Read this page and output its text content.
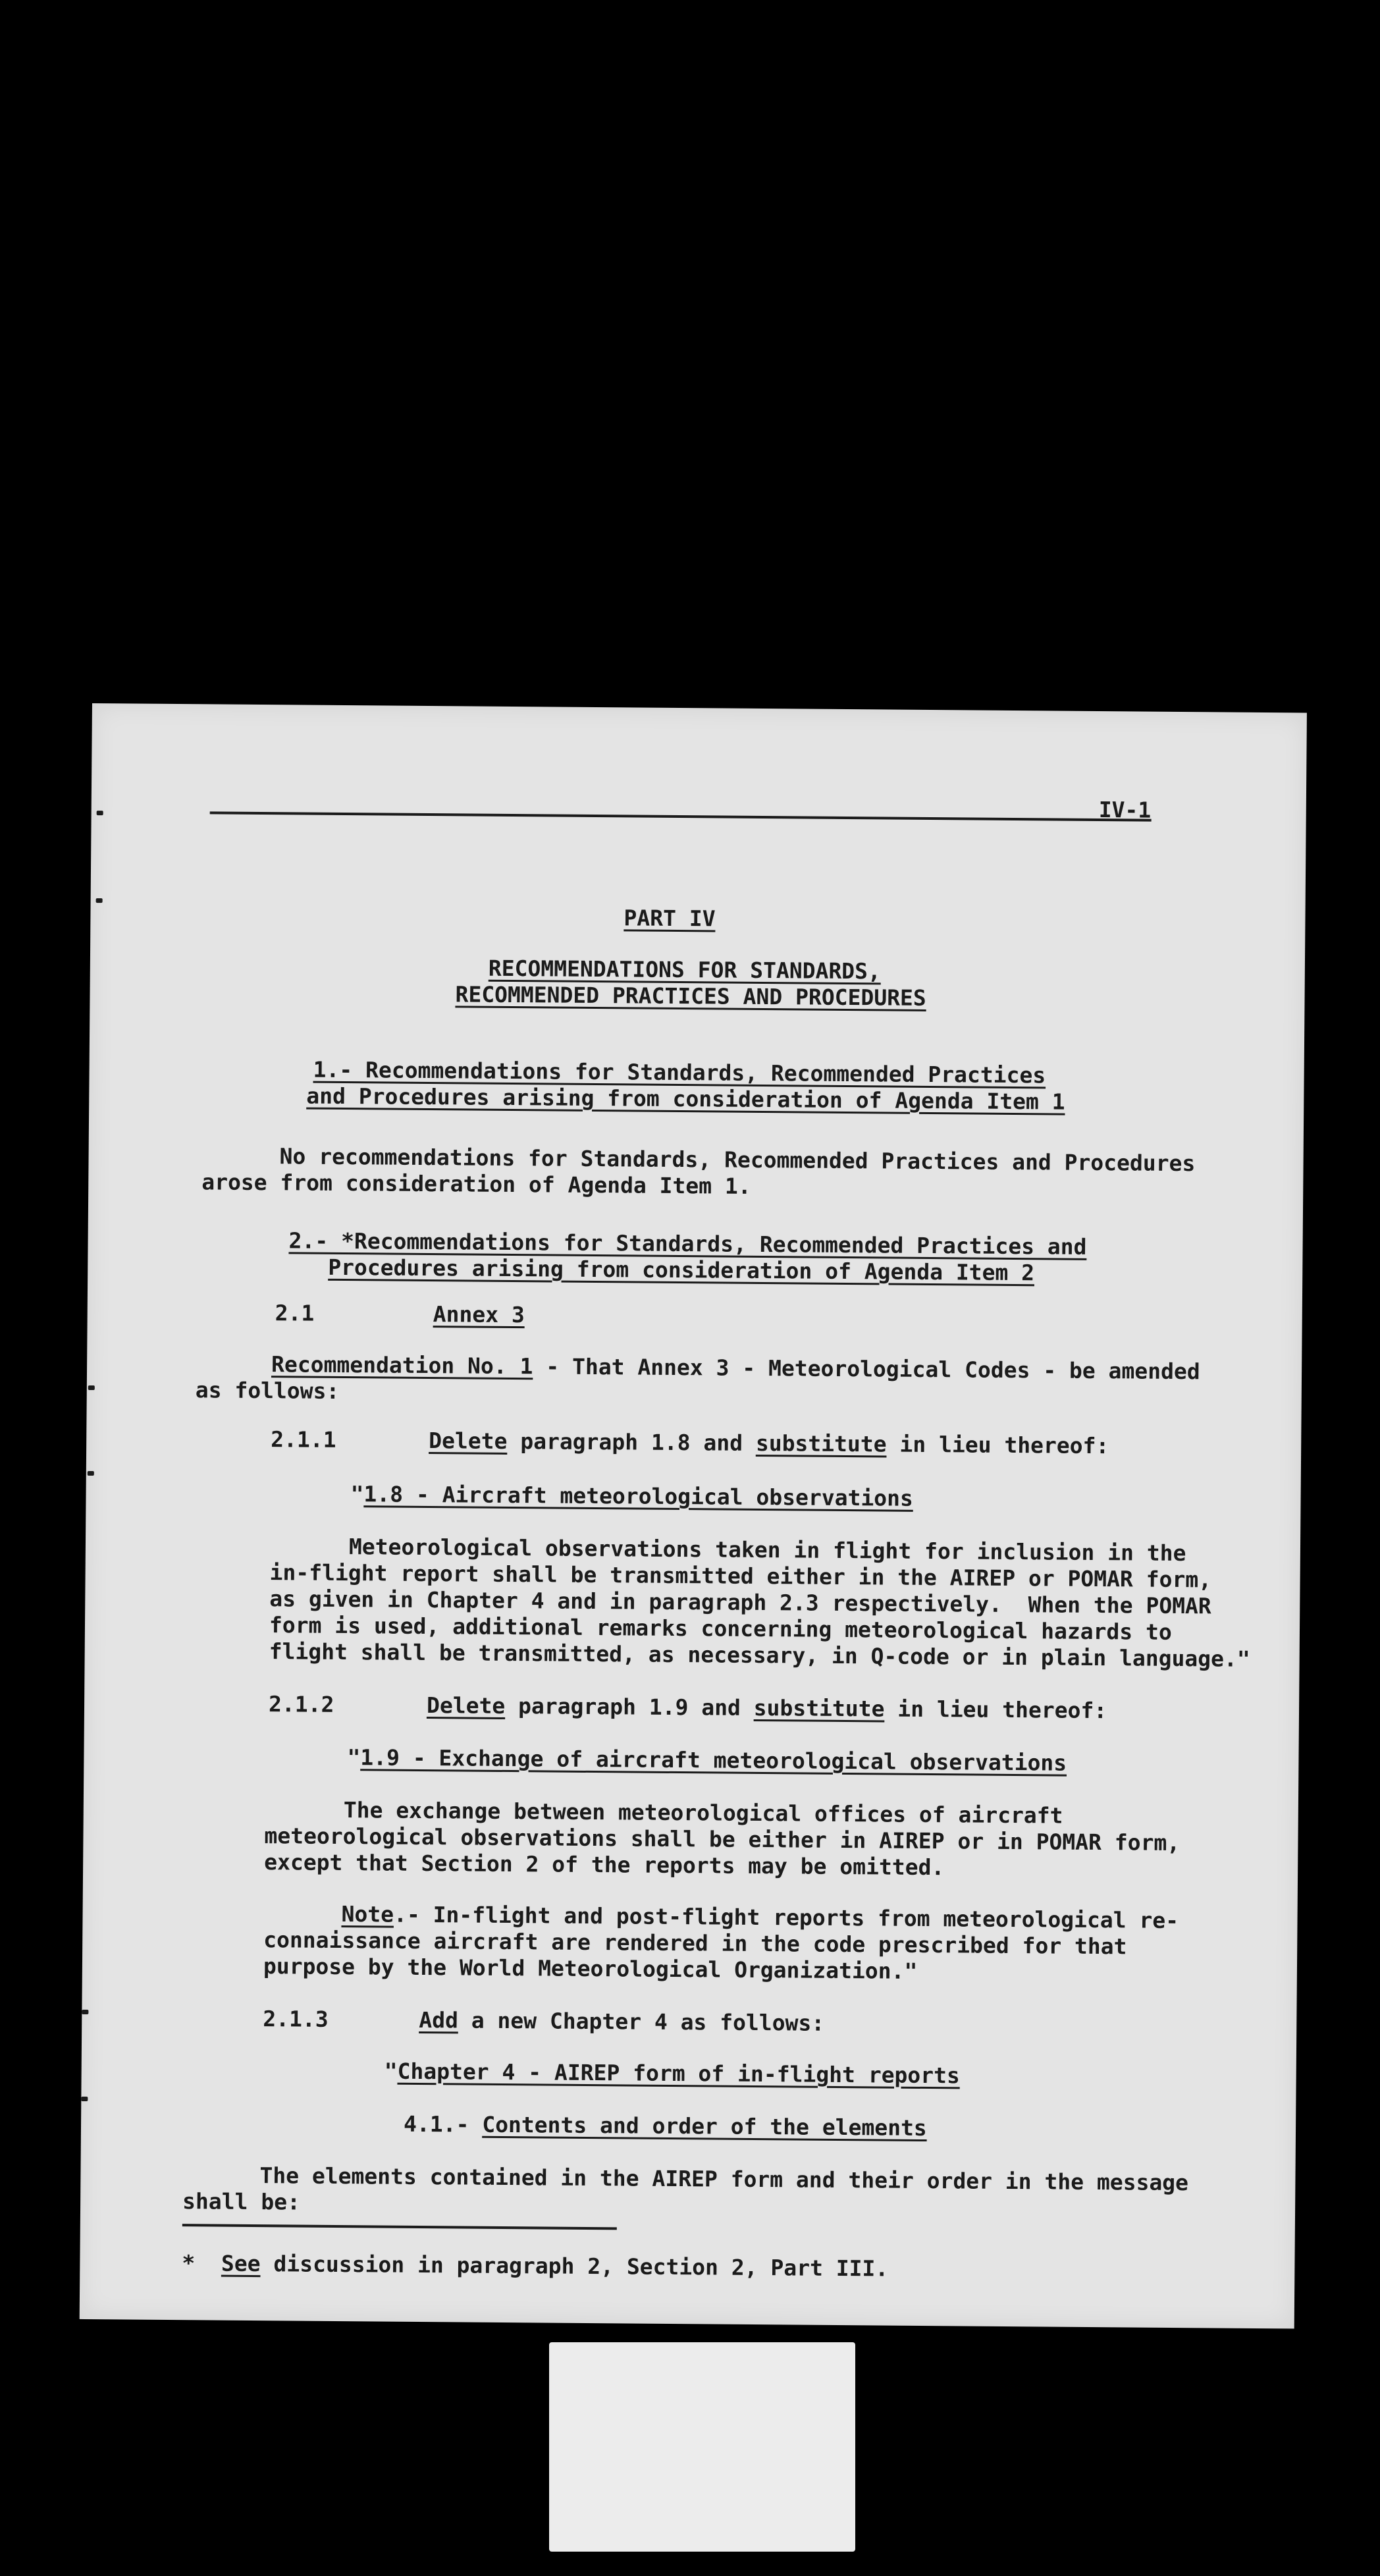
IV-1
PART IV
RECOMMENDATIONS FOR STANDARDS,
RECOMMENDED PRACTICES AND PROCEDURES
1.- Recommendations for Standards, Recommended Practices
and Procedures arising from consideration of Agenda Item 1
No recommendations for Standards, Recommended Practices and Procedures
arose from consideration of Agenda Item 1.
2.- *Recommendations for Standards, Recommended Practices and
Procedures arising from consideration of Agenda Item 2
2.1	Annex 3
Recommendation No. 1 - That Annex 3 - Meteorological Codes - be amended
as follows:
2.1.1	Delete paragraph 1.8 and substitute in lieu thereof:
"1.8 - Aircraft meteorological observations
Meteorological observations taken in flight for inclusion in the
in-flight report shall be transmitted either in the AIREP or POMAR form,
as given in Chapter 4 and in paragraph 2.3 respectively.  When the POMAR
form is used, additional remarks concerning meteorological hazards to
flight shall be transmitted, as necessary, in Q-code or in plain language."
2.1.2	Delete paragraph 1.9 and substitute in lieu thereof:
"1.9 - Exchange of aircraft meteorological observations
The exchange between meteorological offices of aircraft
meteorological observations shall be either in AIREP or in POMAR form,
except that Section 2 of the reports may be omitted.
Note.- In-flight and post-flight reports from meteorological re-
connaissance aircraft are rendered in the code prescribed for that
purpose by the World Meteorological Organization."
2.1.3	Add a new Chapter 4 as follows:
"Chapter 4 - AIREP form of in-flight reports
4.1.- Contents and order of the elements
The elements contained in the AIREP form and their order in the message
shall be:
* See discussion in paragraph 2, Section 2, Part III.
